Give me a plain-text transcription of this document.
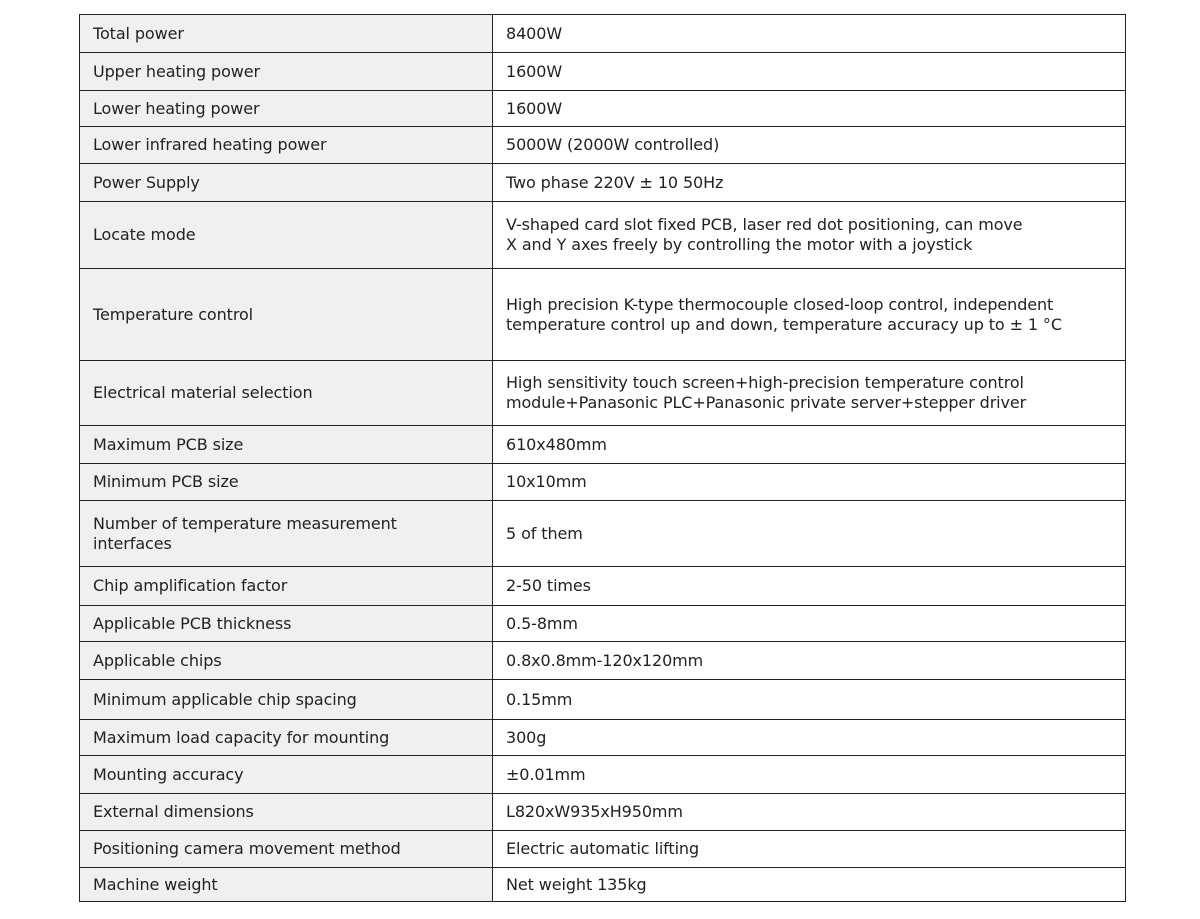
Total power	8400W

Upper heating power	1600W

Lower heating power	1600W

Lower infrared heating power	5000W (2000W controlled)

Power Supply	Two phase 220V ± 10 50Hz

Locate mode	V-shaped card slot fixed PCB, laser red dot positioning, can move
X and Y axes freely by controlling the motor with a joystick

Temperature control	High precision K-type thermocouple closed-loop control, independent
temperature control up and down, temperature accuracy up to ± 1 °C

Electrical material selection	High sensitivity touch screen+high-precision temperature control
module+Panasonic PLC+Panasonic private server+stepper driver

Maximum PCB size	610x480mm

Minimum PCB size	10x10mm

Number of temperature measurement
interfaces	5 of them

Chip amplification factor	2-50 times

Applicable PCB thickness	0.5-8mm

Applicable chips	0.8x0.8mm-120x120mm

Minimum applicable chip spacing	0.15mm

Maximum load capacity for mounting	300g

Mounting accuracy	±0.01mm

External dimensions	L820xW935xH950mm

Positioning camera movement method	Electric automatic lifting

Machine weight	Net weight 135kg
